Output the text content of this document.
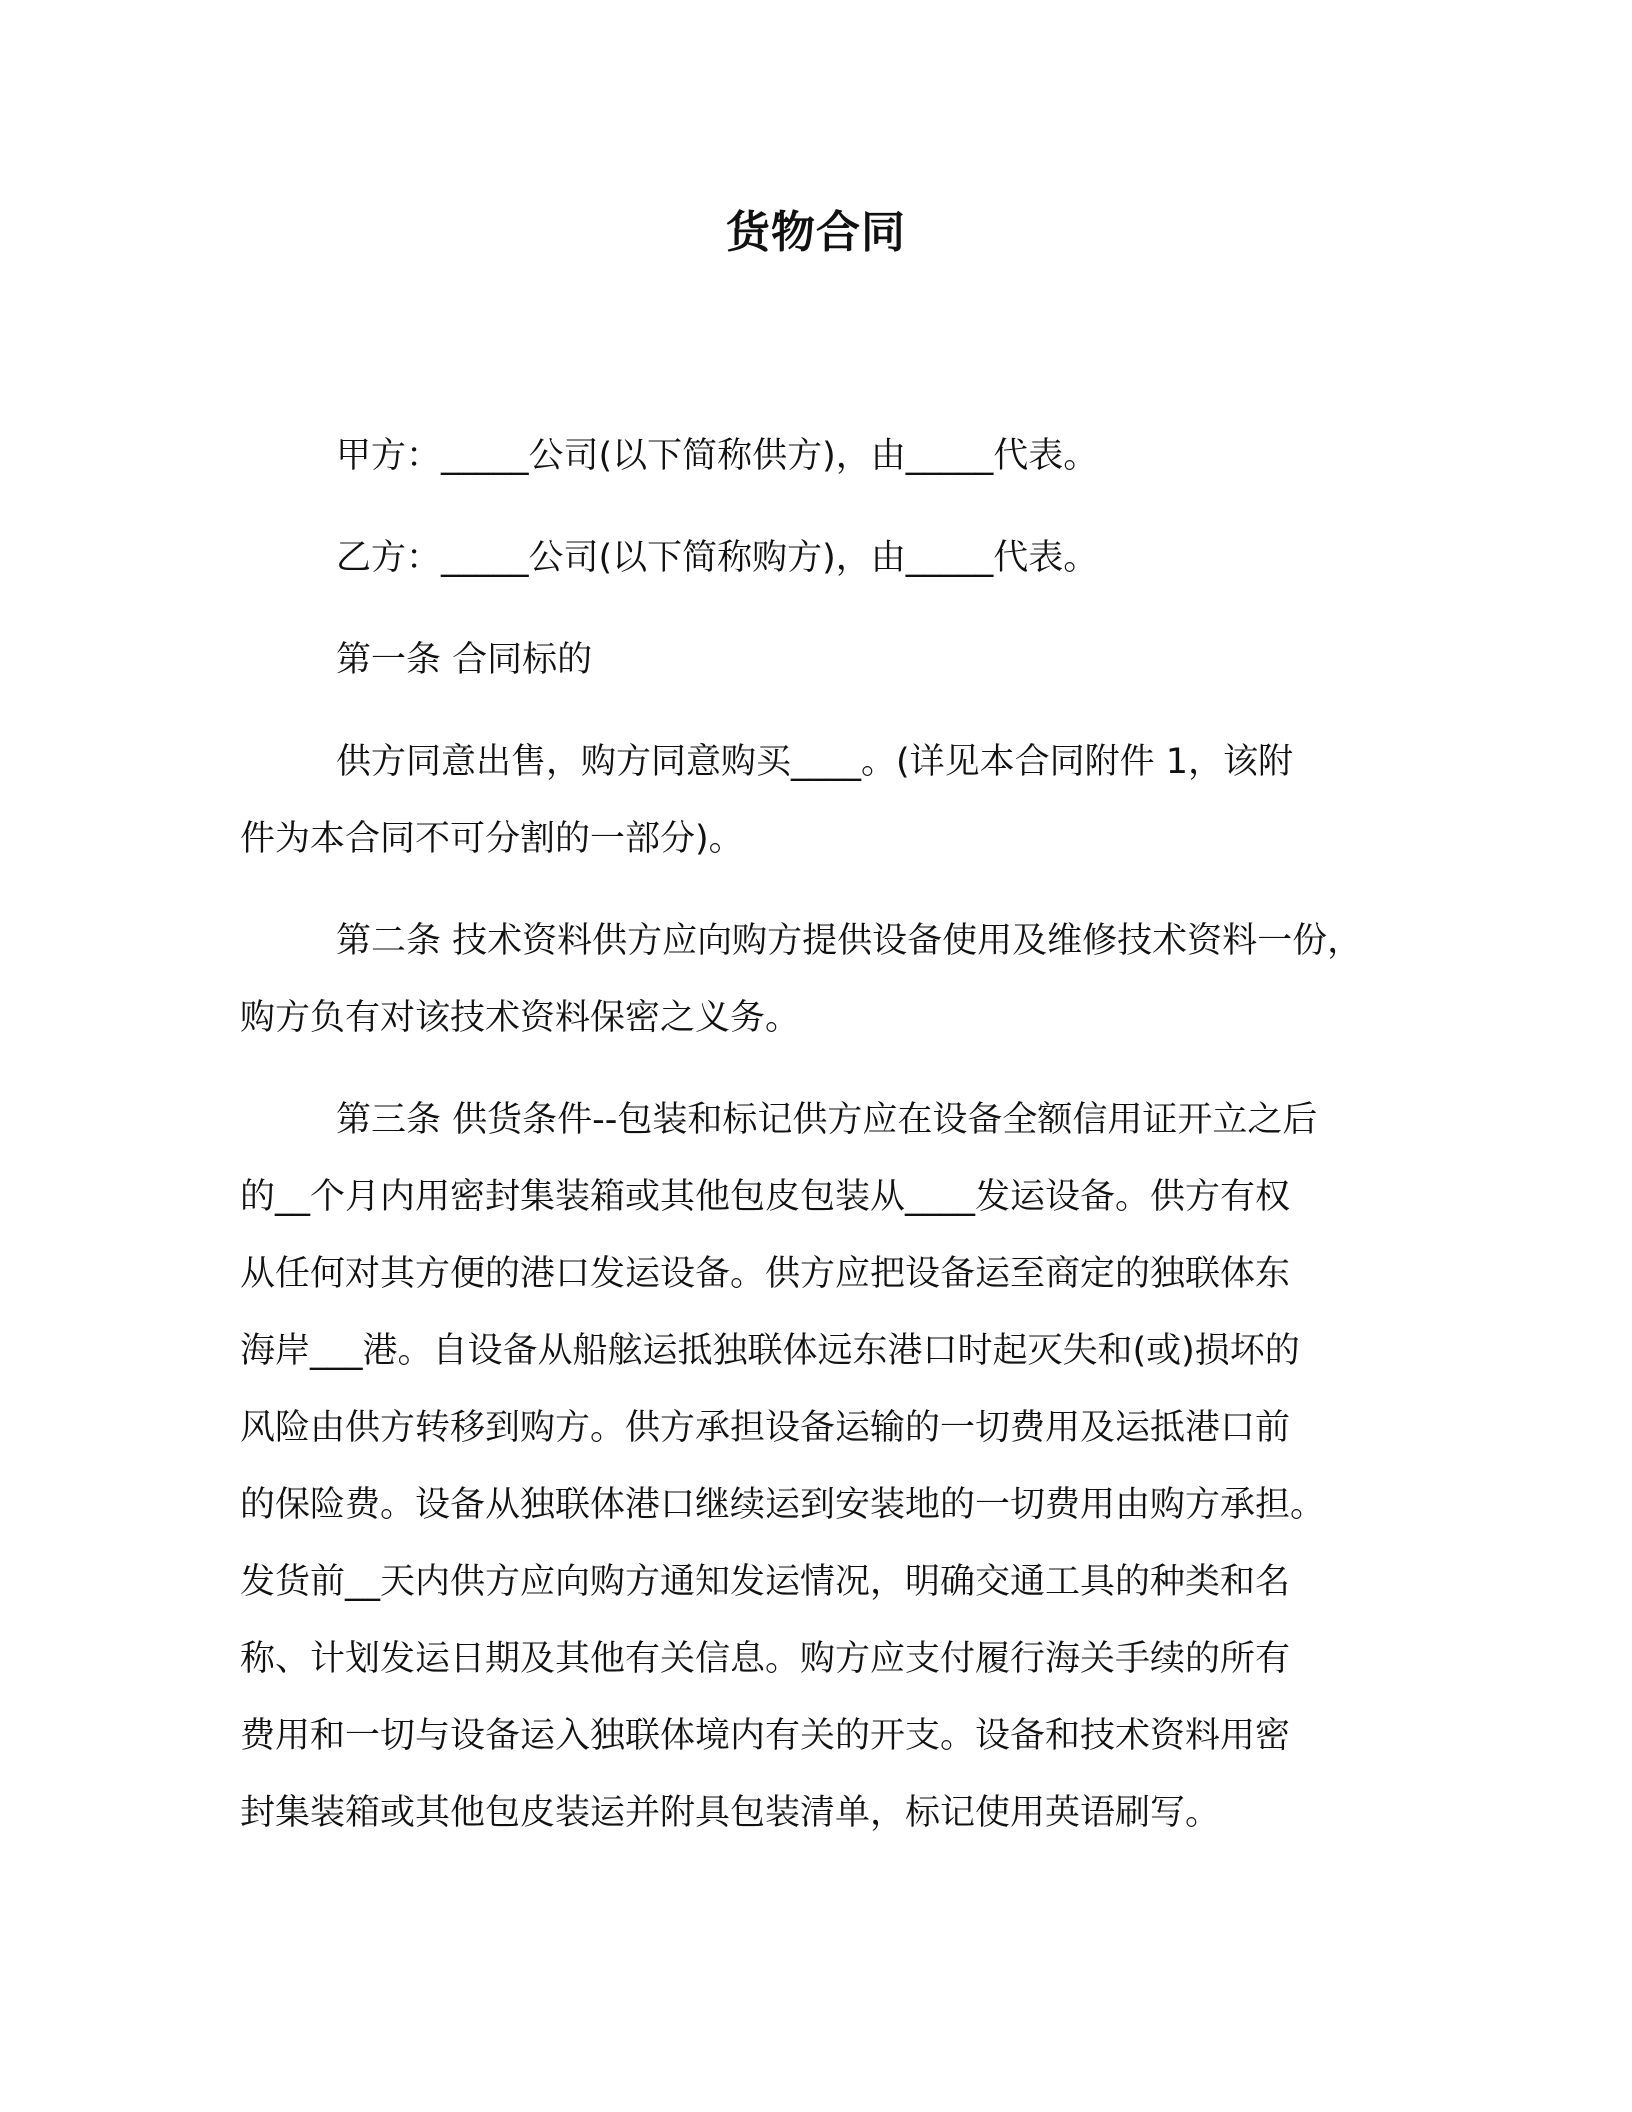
货物合同
甲方：_____公司(以下简称供方)，由_____代表。
乙方：_____公司(以下简称购方)，由_____代表。
第一条 合同标的
供方同意出售，购方同意购买____。(详见本合同附件 1，该附
件为本合同不可分割的一部分)。
第二条 技术资料供方应向购方提供设备使用及维修技术资料一份，
购方负有对该技术资料保密之义务。
第三条 供货条件--包装和标记供方应在设备全额信用证开立之后
的__个月内用密封集装箱或其他包皮包装从____发运设备。供方有权
从任何对其方便的港口发运设备。供方应把设备运至商定的独联体东
海岸___港。自设备从船舷运抵独联体远东港口时起灭失和(或)损坏的
风险由供方转移到购方。供方承担设备运输的一切费用及运抵港口前
的保险费。设备从独联体港口继续运到安装地的一切费用由购方承担。
发货前__天内供方应向购方通知发运情况，明确交通工具的种类和名
称、计划发运日期及其他有关信息。购方应支付履行海关手续的所有
费用和一切与设备运入独联体境内有关的开支。设备和技术资料用密
封集装箱或其他包皮装运并附具包装清单，标记使用英语刷写。
